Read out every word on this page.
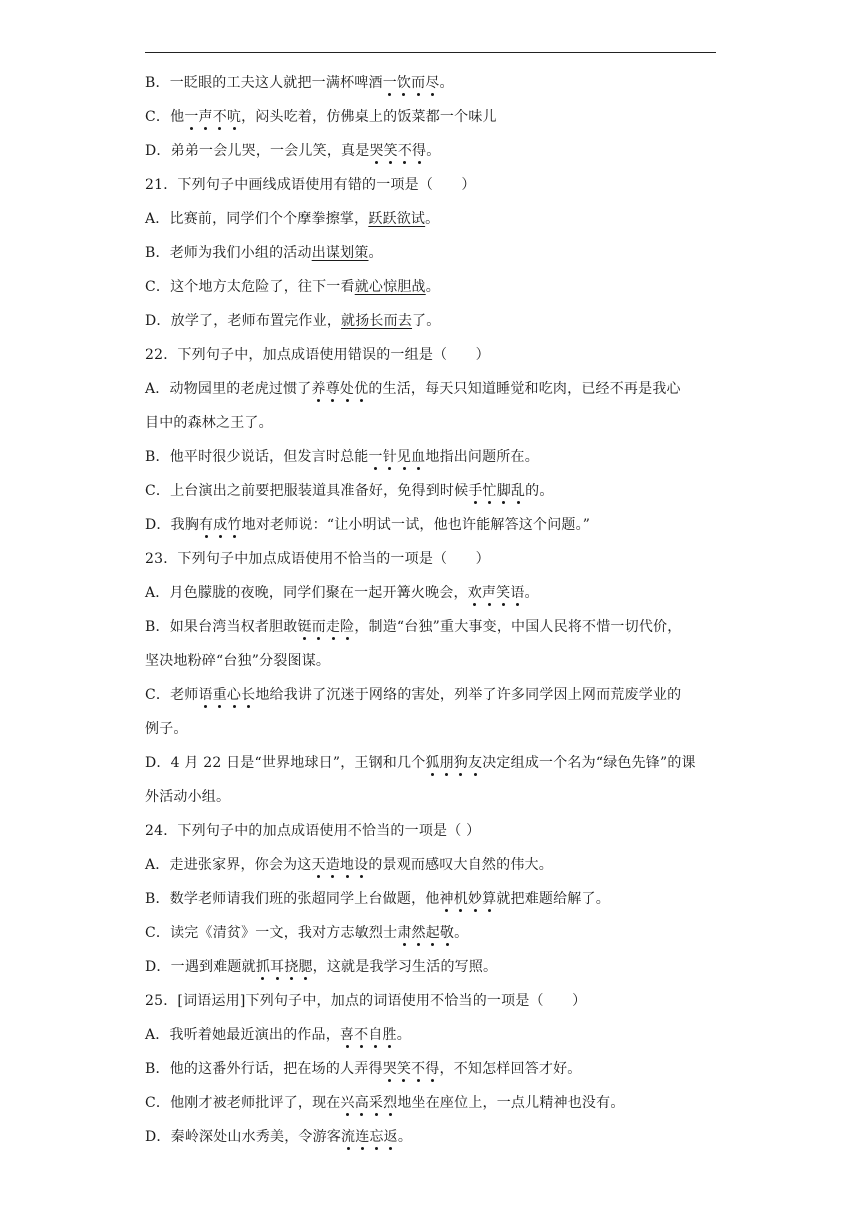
B．一眨眼的工夫这人就把一满杯啤酒一饮而尽。
C．他一声不吭，闷头吃着，仿佛桌上的饭菜都一个味儿
D．弟弟一会儿哭，一会儿笑，真是哭笑不得。
21．下列句子中画线成语使用有错的一项是（　　）
A．比赛前，同学们个个摩拳擦掌，跃跃欲试。
B．老师为我们小组的活动出谋划策。
C．这个地方太危险了，往下一看就心惊胆战。
D．放学了，老师布置完作业，就扬长而去了。
22．下列句子中，加点成语使用错误的一组是（　　）
A．动物园里的老虎过惯了养尊处优的生活，每天只知道睡觉和吃肉，已经不再是我心
目中的森林之王了。
B．他平时很少说话，但发言时总能一针见血地指出问题所在。
C．上台演出之前要把服装道具准备好，免得到时候手忙脚乱的。
D．我胸有成竹地对老师说：“让小明试一试，他也许能解答这个问题。”
23．下列句子中加点成语使用不恰当的一项是（　　）
A．月色朦胧的夜晚，同学们聚在一起开篝火晚会，欢声笑语。
B．如果台湾当权者胆敢铤而走险，制造“台独”重大事变，中国人民将不惜一切代价，
坚决地粉碎“台独”分裂图谋。
C．老师语重心长地给我讲了沉迷于网络的害处，列举了许多同学因上网而荒废学业的
例子。
D．4 月 22 日是“世界地球日”，王钢和几个狐朋狗友决定组成一个名为“绿色先锋”的课
外活动小组。
24．下列句子中的加点成语使用不恰当的一项是（ ）
A．走进张家界，你会为这天造地设的景观而感叹大自然的伟大。
B．数学老师请我们班的张超同学上台做题，他神机妙算就把难题给解了。
C．读完《清贫》一文，我对方志敏烈士肃然起敬。
D．一遇到难题就抓耳挠腮，这就是我学习生活的写照。
25．[词语运用]下列句子中，加点的词语使用不恰当的一项是（　　）
A．我听着她最近演出的作品，喜不自胜。
B．他的这番外行话，把在场的人弄得哭笑不得，不知怎样回答才好。
C．他刚才被老师批评了，现在兴高采烈地坐在座位上，一点儿精神也没有。
D．秦岭深处山水秀美，令游客流连忘返。
